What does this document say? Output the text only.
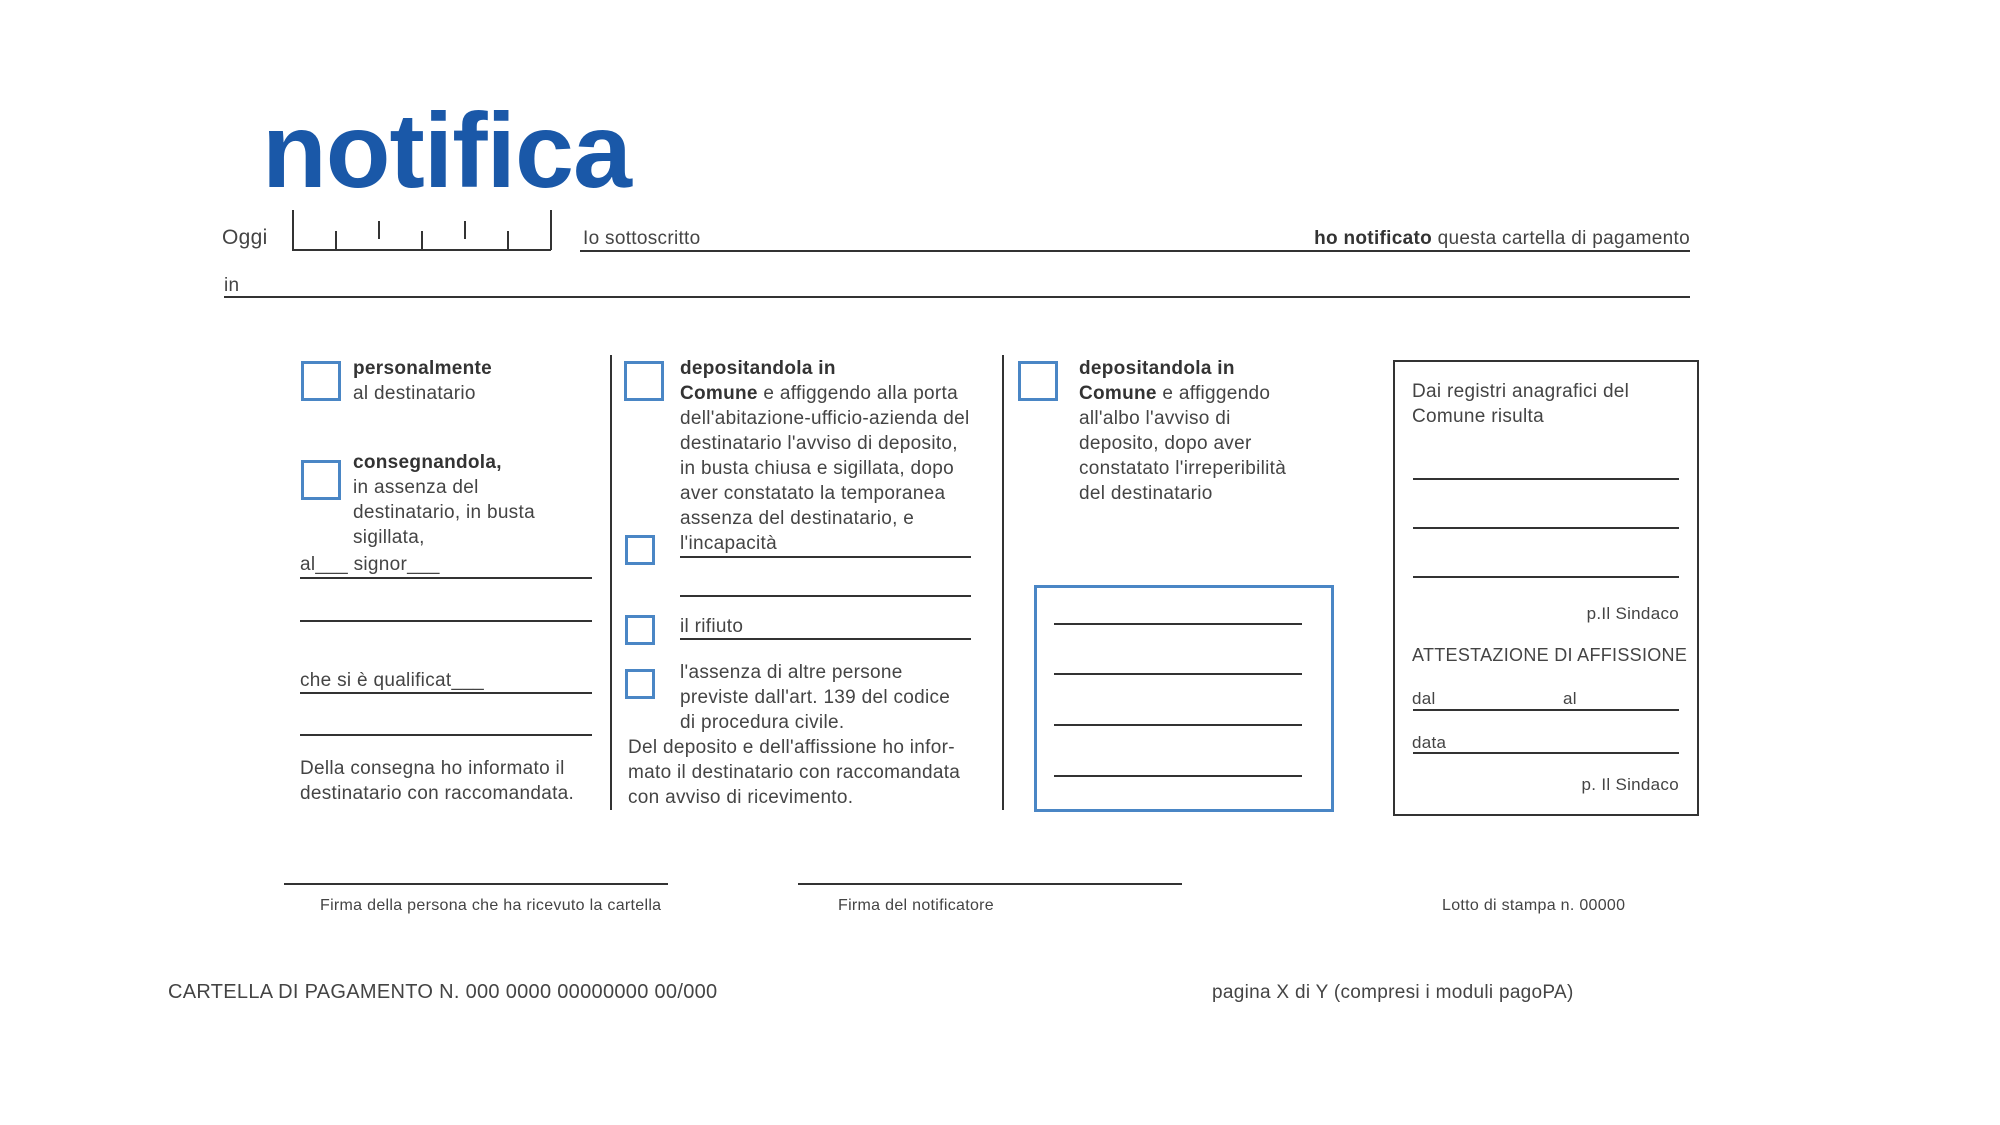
notifica
Oggi	Io sottoscritto	ho notificato questa cartella di pagamento
in
personalmente
al destinatario
consegnandola,
in assenza del
destinatario, in busta
sigillata,
al___ signor___
che si è qualificat___
Della consegna ho informato il
destinatario con raccomandata.
depositandola in
Comune e affiggendo alla porta
dell'abitazione-ufficio-azienda del
destinatario l'avviso di deposito,
in busta chiusa e sigillata, dopo
aver constatato la temporanea
assenza del destinatario, e
l'incapacità
il rifiuto
l'assenza di altre persone
previste dall'art. 139 del codice
di procedura civile.
Del deposito e dell'affissione ho infor-
mato il destinatario con raccomandata
con avviso di ricevimento.
depositandola in
Comune e affiggendo
all'albo l'avviso di
deposito, dopo aver
constatato l'irreperibilità
del destinatario
Dai registri anagrafici del
Comune risulta
p.Il Sindaco
ATTESTAZIONE DI AFFISSIONE
dal	al
data
p. Il Sindaco
Firma della persona che ha ricevuto la cartella	Firma del notificatore	Lotto di stampa n. 00000
CARTELLA DI PAGAMENTO N. 000 0000 00000000 00/000	pagina X di Y (compresi i moduli pagoPA)
